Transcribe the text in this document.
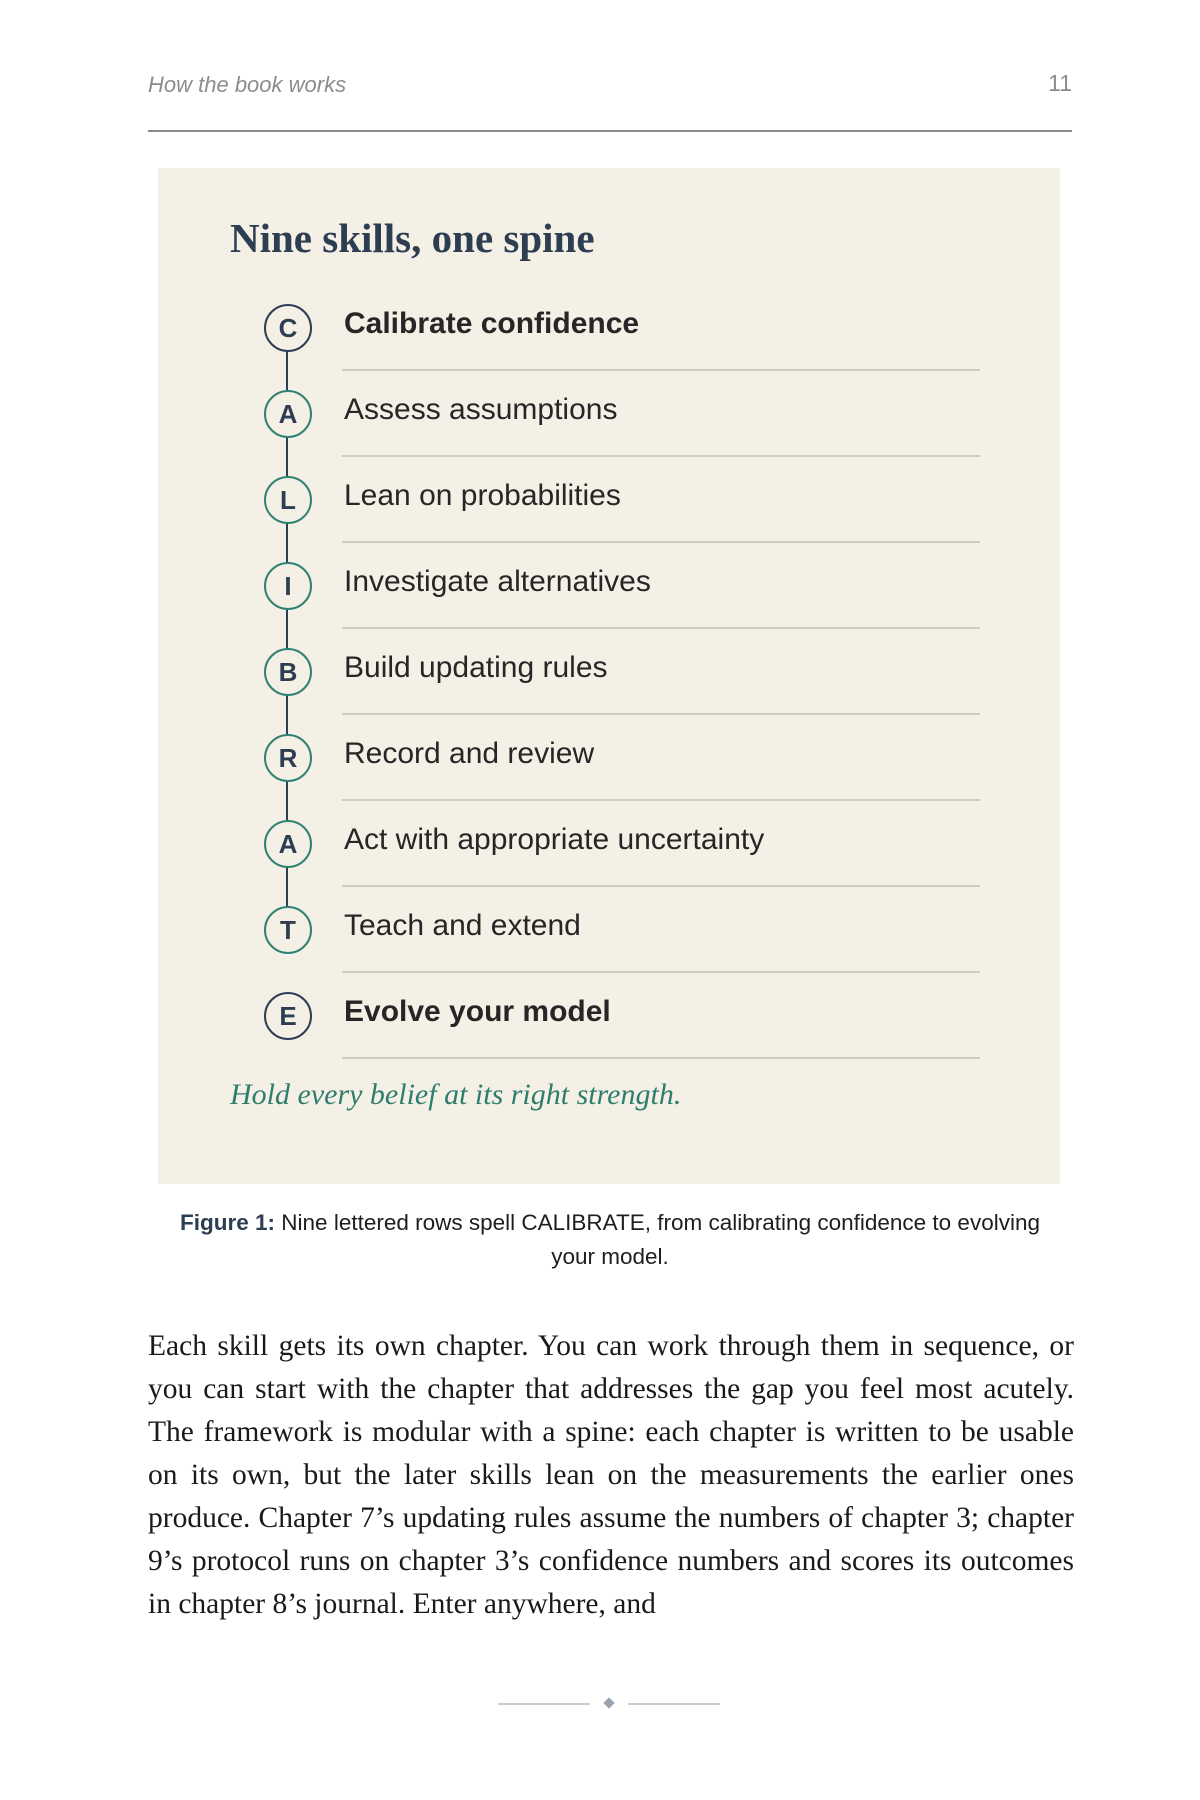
How the book works	11
Nine skills, one spine
C	Calibrate confidence
A	Assess assumptions
L	Lean on probabilities
I	Investigate alternatives
B	Build updating rules
R	Record and review
A	Act with appropriate uncertainty
T	Teach and extend
E	Evolve your model
Hold every belief at its right strength.
Figure 1: Nine lettered rows spell CALIBRATE, from calibrating confidence to evolving your model.

Each skill gets its own chapter. You can work through them in sequence, or you can start with the chapter that addresses the gap you feel most acutely. The framework is modular with a spine: each chapter is written to be usable on its own, but the later skills lean on the measurements the earlier ones produce. Chapter 7’s updating rules assume the numbers of chapter 3; chapter 9’s protocol runs on chapter 3’s confidence numbers and scores its outcomes in chapter 8’s journal. Enter anywhere, and
